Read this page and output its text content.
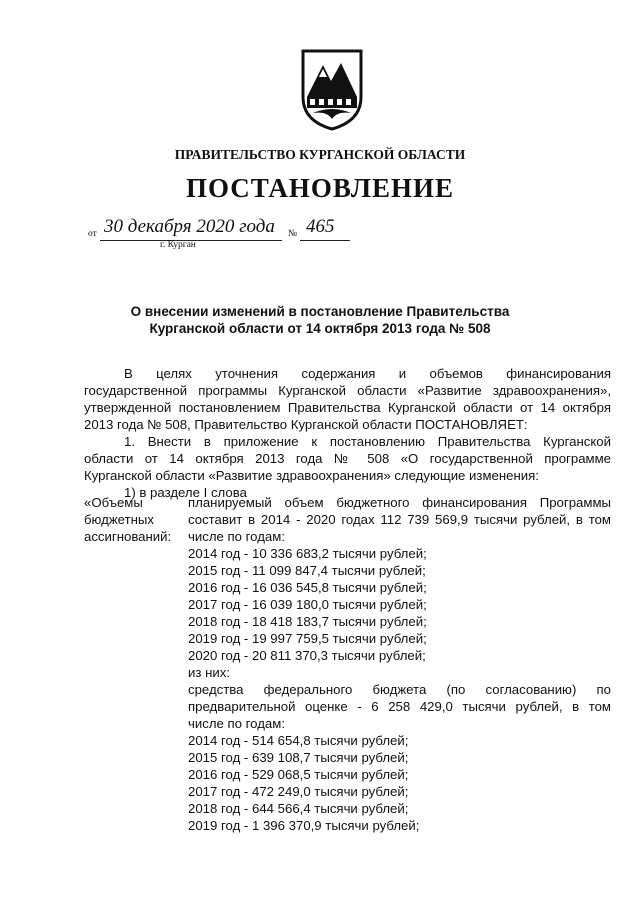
ПРАВИТЕЛЬСТВО КУРГАНСКОЙ ОБЛАСТИ
ПОСТАНОВЛЕНИЕ
от 30 декабря 2020 года
г. Курган
№ 465
О внесении изменений в постановление Правительства
Курганской области от 14 октября 2013 года № 508
В целях уточнения содержания и объемов финансирования
государственной программы Курганской области «Развитие здравоохранения»,
утвержденной постановлением Правительства Курганской области от 14 октября
2013 года № 508, Правительство Курганской области ПОСТАНОВЛЯЕТ:
1. Внести в приложение к постановлению Правительства Курганской
области от 14 октября 2013 года № 508 «О государственной программе
Курганской области «Развитие здравоохранения» следующие изменения:
1) в разделе I слова
«Объемы
бюджетных
ассигнований:
планируемый объем бюджетного финансирования Программы
составит в 2014 - 2020 годах 112 739 569,9 тысячи рублей, в том
числе по годам:
2014 год - 10 336 683,2 тысячи рублей;
2015 год - 11 099 847,4 тысячи рублей;
2016 год - 16 036 545,8 тысячи рублей;
2017 год - 16 039 180,0 тысячи рублей;
2018 год - 18 418 183,7 тысячи рублей;
2019 год - 19 997 759,5 тысячи рублей;
2020 год - 20 811 370,3 тысячи рублей;
из них:
средства федерального бюджета (по согласованию) по
предварительной оценке - 6 258 429,0 тысячи рублей, в том
числе по годам:
2014 год - 514 654,8 тысячи рублей;
2015 год - 639 108,7 тысячи рублей;
2016 год - 529 068,5 тысячи рублей;
2017 год - 472 249,0 тысячи рублей;
2018 год - 644 566,4 тысячи рублей;
2019 год - 1 396 370,9 тысячи рублей;
